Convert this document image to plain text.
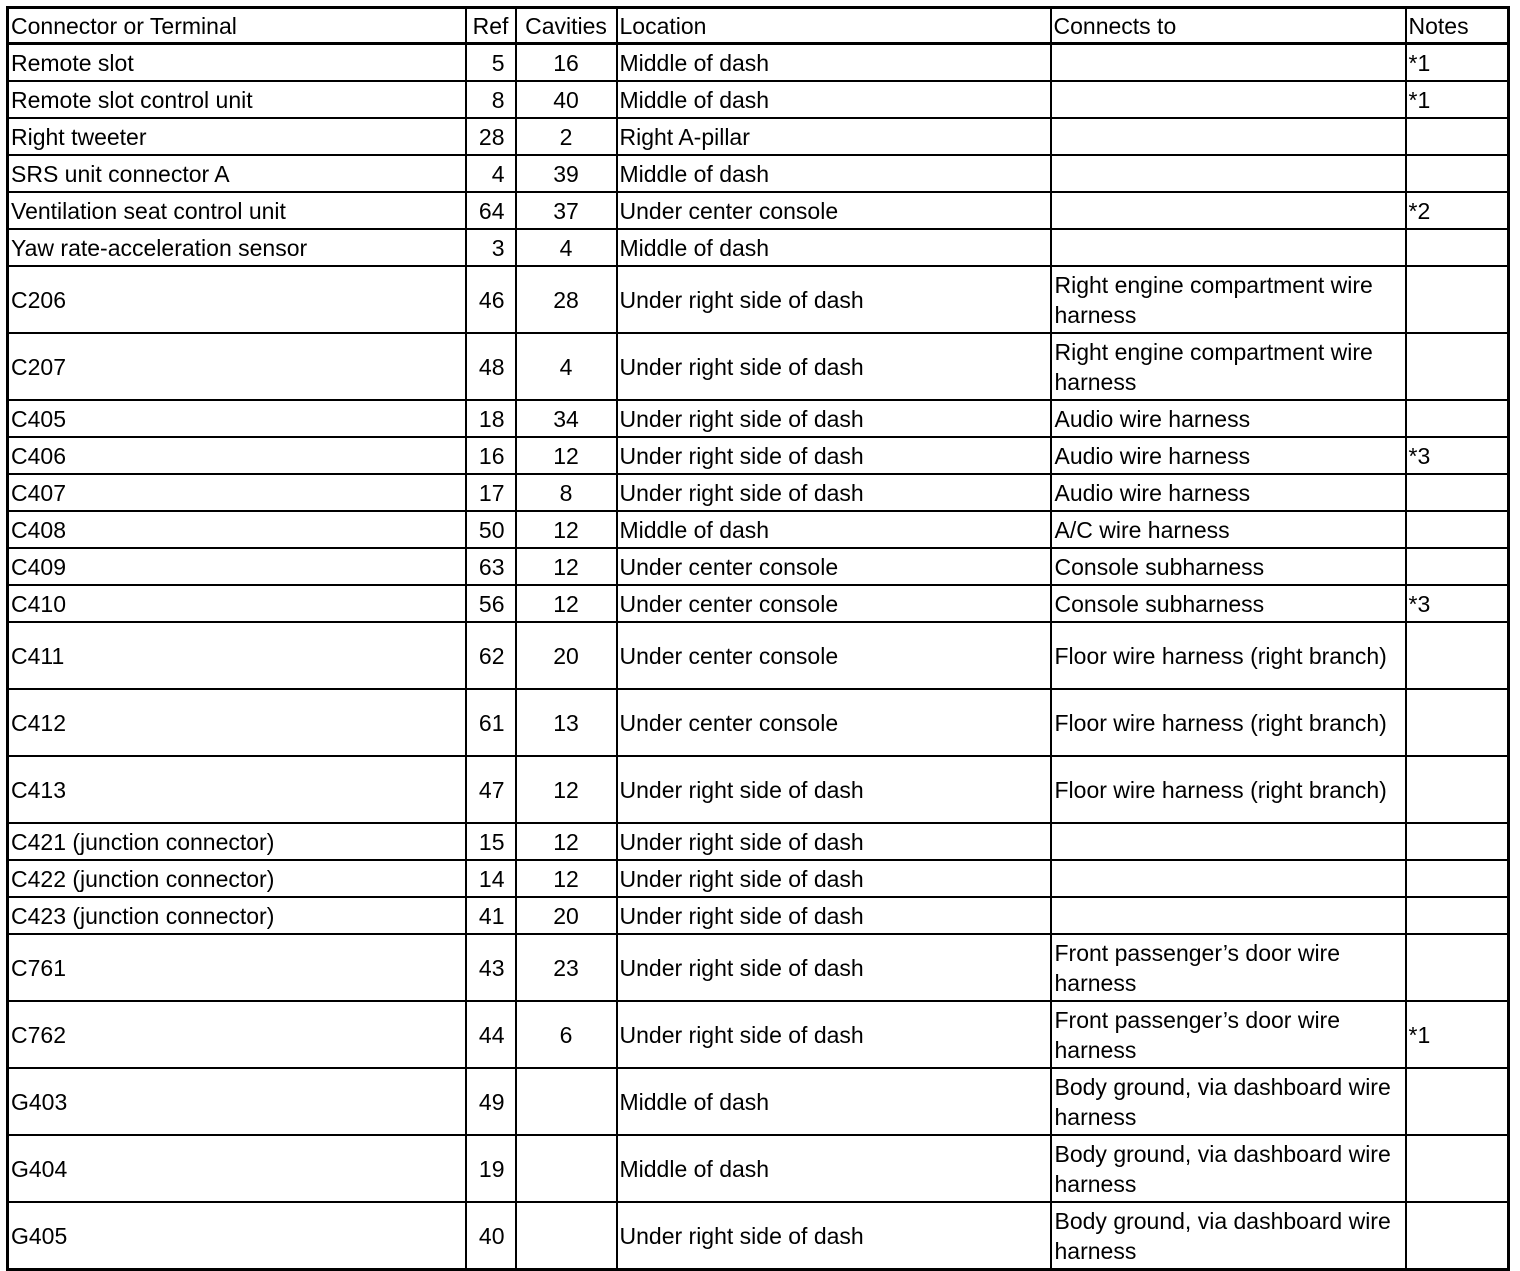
Connector or Terminal	Ref	Cavities	Location	Connects to	Notes
Remote slot	5	16	Middle of dash		*1
Remote slot control unit	8	40	Middle of dash		*1
Right tweeter	28	2	Right A-pillar		
SRS unit connector A	4	39	Middle of dash		
Ventilation seat control unit	64	37	Under center console		*2
Yaw rate-acceleration sensor	3	4	Middle of dash		
C206	46	28	Under right side of dash	Right engine compartment wire harness	
C207	48	4	Under right side of dash	Right engine compartment wire harness	
C405	18	34	Under right side of dash	Audio wire harness	
C406	16	12	Under right side of dash	Audio wire harness	*3
C407	17	8	Under right side of dash	Audio wire harness	
C408	50	12	Middle of dash	A/C wire harness	
C409	63	12	Under center console	Console subharness	
C410	56	12	Under center console	Console subharness	*3
C411	62	20	Under center console	Floor wire harness (right branch)	
C412	61	13	Under center console	Floor wire harness (right branch)	
C413	47	12	Under right side of dash	Floor wire harness (right branch)	
C421 (junction connector)	15	12	Under right side of dash		
C422 (junction connector)	14	12	Under right side of dash		
C423 (junction connector)	41	20	Under right side of dash		
C761	43	23	Under right side of dash	Front passenger’s door wire harness	
C762	44	6	Under right side of dash	Front passenger’s door wire harness	*1
G403	49		Middle of dash	Body ground, via dashboard wire harness	
G404	19		Middle of dash	Body ground, via dashboard wire harness	
G405	40		Under right side of dash	Body ground, via dashboard wire harness	
